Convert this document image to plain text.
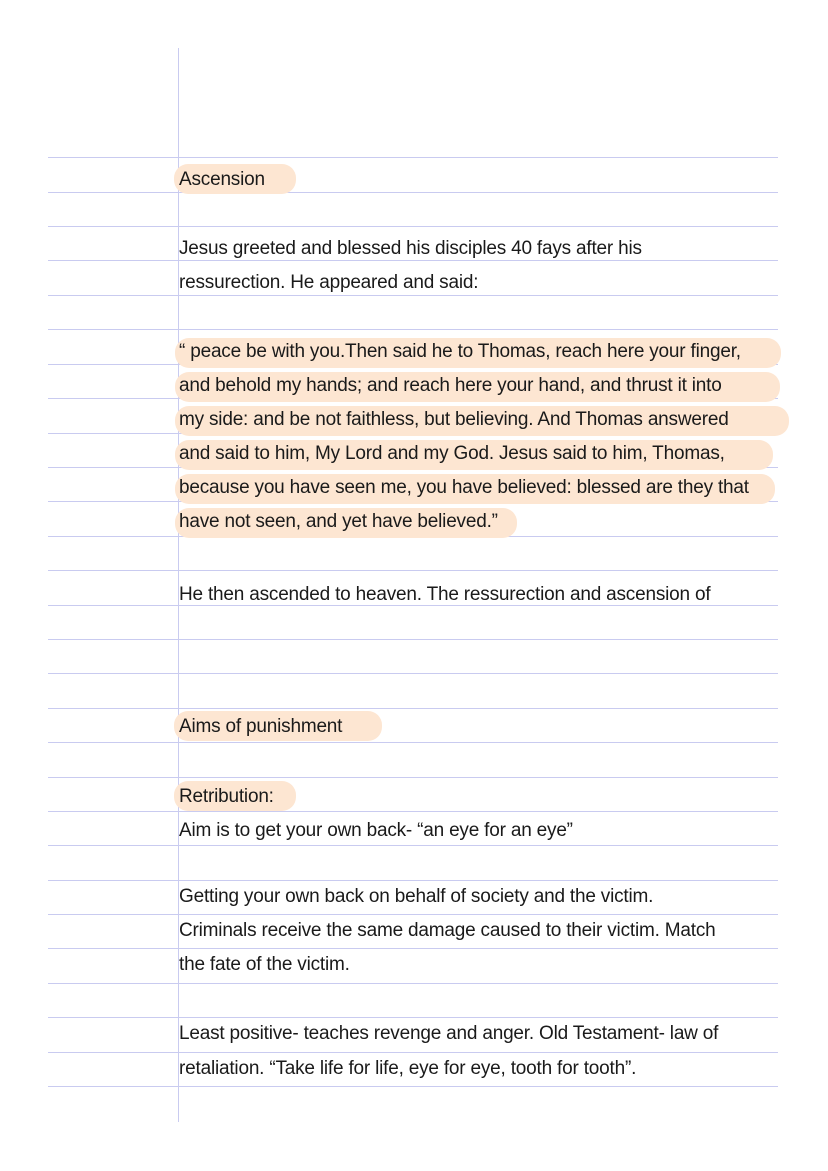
Ascension
Jesus greeted and blessed his disciples 40 fays after his
ressurection. He appeared and said:
“ peace be with you.Then said he to Thomas, reach here your finger,
and behold my hands; and reach here your hand, and thrust it into
my side: and be not faithless, but believing. And Thomas answered
and said to him, My Lord and my God. Jesus said to him, Thomas,
because you have seen me, you have believed: blessed are they that
have not seen, and yet have believed.”
He then ascended to heaven. The ressurection and ascension of
Aims of punishment
Retribution:
Aim is to get your own back- “an eye for an eye”
Getting your own back on behalf of society and the victim.
Criminals receive the same damage caused to their victim. Match
the fate of the victim.
Least positive- teaches revenge and anger. Old Testament- law of
retaliation. “Take life for life, eye for eye, tooth for tooth”.
